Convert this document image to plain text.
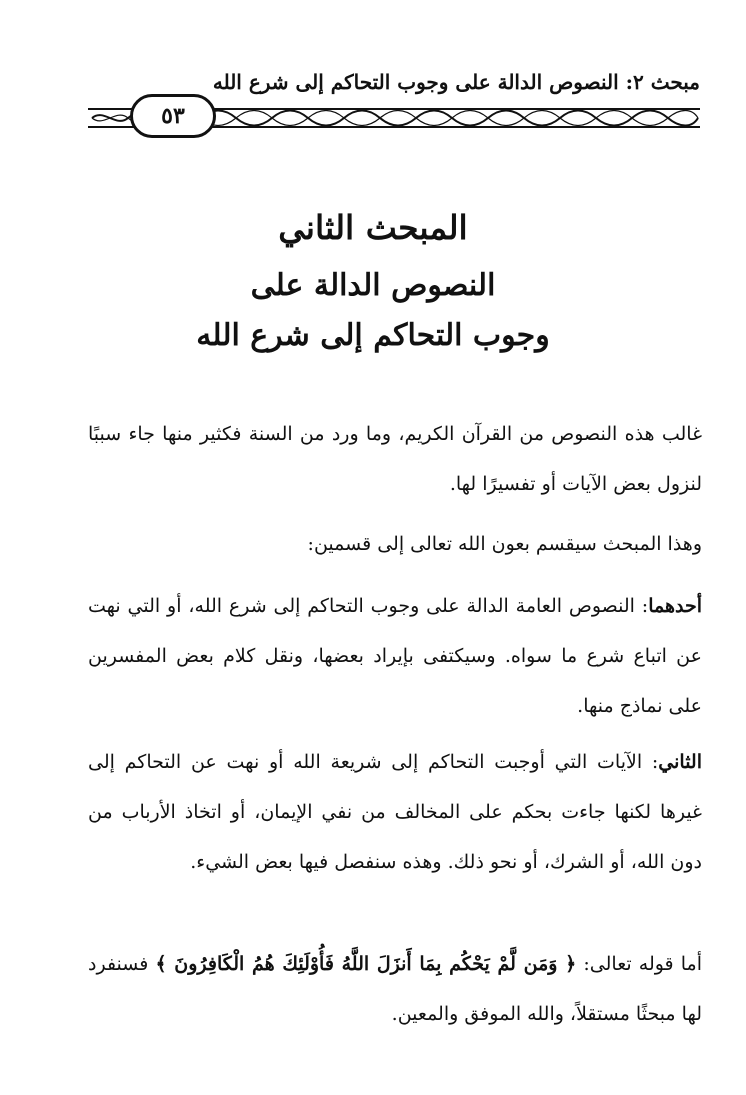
مبحث ٢: النصوص الدالة على وجوب التحاكم إلى شرع الله
٥٣
المبحث الثاني
النصوص الدالة على
وجوب التحاكم إلى شرع الله

غالب هذه النصوص من القرآن الكريم، وما ورد من السنة فكثير منها جاء سببًا لنزول بعض الآيات أو تفسيرًا لها.

وهذا المبحث سيقسم بعون الله تعالى إلى قسمين:

أحدهما: النصوص العامة الدالة على وجوب التحاكم إلى شرع الله، أو التي نهت عن اتباع شرع ما سواه. وسيكتفى بإيراد بعضها، ونقل كلام بعض المفسرين على نماذج منها.

الثاني: الآيات التي أوجبت التحاكم إلى شريعة الله أو نهت عن التحاكم إلى غيرها لكنها جاءت بحكم على المخالف من نفي الإيمان، أو اتخاذ الأرباب من دون الله، أو الشرك، أو نحو ذلك. وهذه سنفصل فيها بعض الشيء.

أما قوله تعالى: ﴿ وَمَن لَّمْ يَحْكُم بِمَا أَنزَلَ اللَّهُ فَأُوْلَئِكَ هُمُ الْكَافِرُونَ ﴾ فسنفرد لها مبحثًا مستقلاً، والله الموفق والمعين.
